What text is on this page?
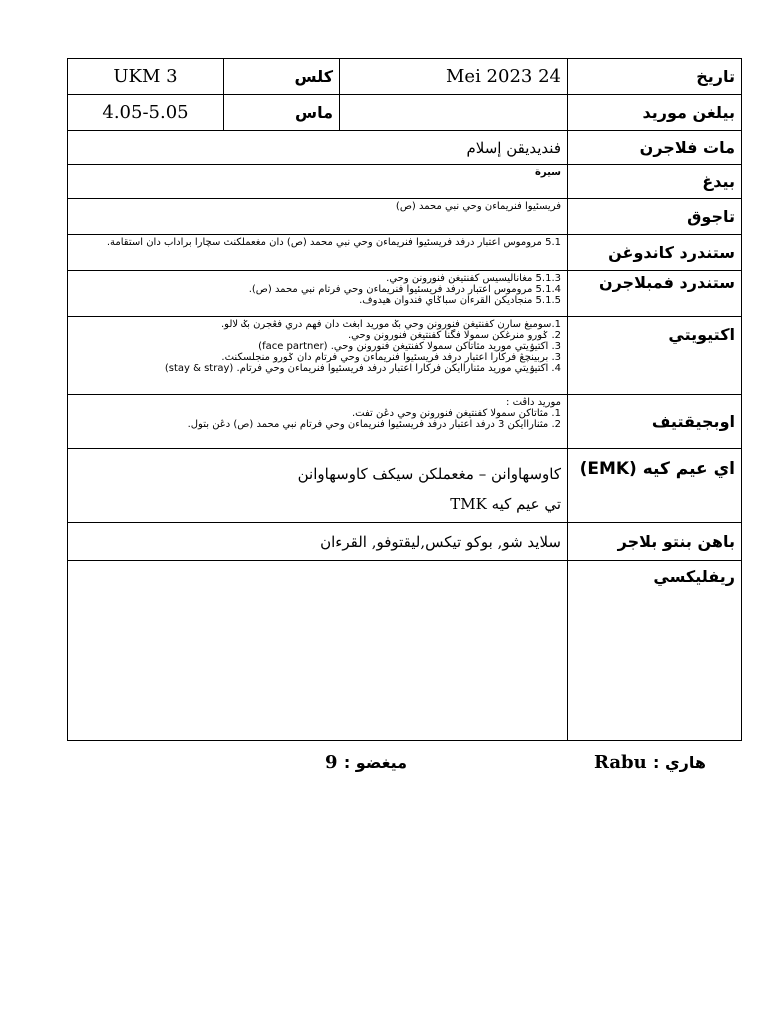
تاريخ	Mei 2023 24	کلس	UKM 3
بيلغن موريد		ماس	4.05-5.05
مات فلاجرن	فنديديقن إسلام		
بيدغ	سيرة		
تاجوق	فريسئيوا فنريماءن وحي نبي محمد (ص)		
ستندرد کاندوغن	5.1 مروموس اعتبار درفد فريسئيوا فنريماءن وحي نبي محمد (ص) دان مغعملكنث سچارا براداب دان استقامة.		
ستندرد فمبلاجرن	5.1.3 مغاناليسيس كفنتيغن فنورونن وحي.
5.1.4 مروموس اعتبار درفد فريسئيوا فنريماءن وحي فرتام نبي محمد (ص).
5.1.5 منجاديكن القرءان سباݢاي فندوان هيدوف.		

اکتيويتي	1.سومبغ سارن كفنتيغن فنورونن وحي بݢ موريد ابغث دان فهم دري فڠجرن بݢ لالو.
2. ݢورو منرغكن سمولا فگنا كفنتيغن فنورونن وحي.
3. اكتيۏيتي موريد مثاتاكن سمولا كفنتيغن فنورونن وحي. (face partner)
3. بربينچڠ فركارا اعتبار درفد فريسئيوا فنريماءن وحي فرتام دان ݢورو منجلسكنث.
4. اكتيۏيتي موريد مثناراايكن فركارا اعتبار درفد فريسئيوا فنريماءن وحي فرتام. (stay & stray)		

اوبجيقتيف	موريد داڤت :
1. مثاتاكن سمولا كفنتيغن فنورونن وحي دڠن تفت.
2. مثناراايكن 3 درفد اعتبار درفد فريسئيوا فنريماءن وحي فرتام نبي محمد (ص) دڠن بتول.		

اي عيم كيه (EMK)	كاوسهاوانن – مغعملكن سيكف كاوسهاوانن
تي عيم كيه TMK		

باهن بنتو بلاجر	سلايد شو, بوكو تيكس,ليقتوفو, القرءان		
ريفليكسي			
Rabu هاري :
9 ميغضو :
